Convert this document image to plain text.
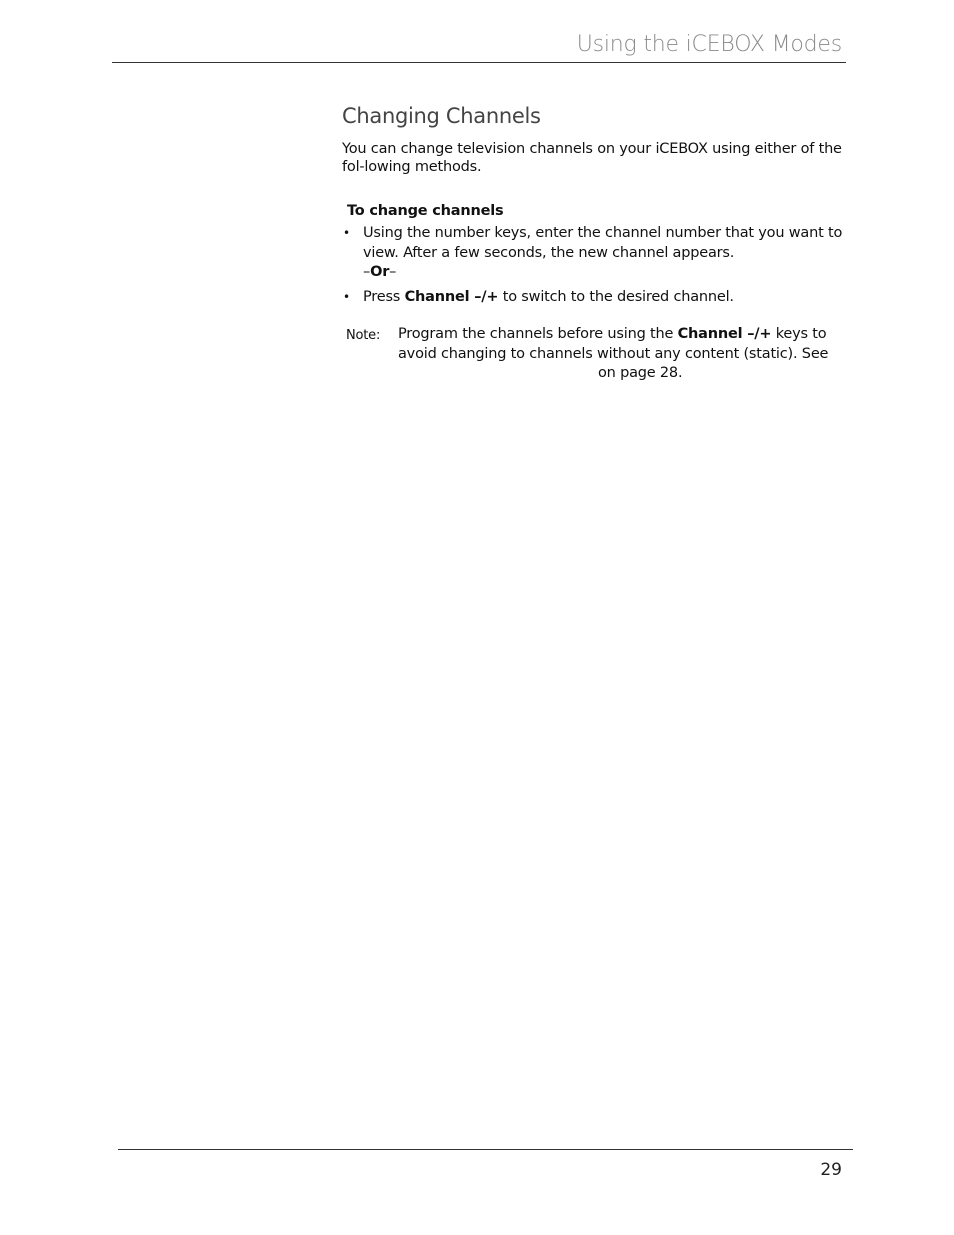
Using the iCEBOX Modes
Changing Channels

You can change television channels on your iCEBOX using either of the fol-lowing methods.

To change channels
• Using the number keys, enter the channel number that you want to view. After a few seconds, the new channel appears.
–Or–
• Press Channel –/+ to switch to the desired channel.
Note: Program the channels before using the Channel –/+ keys to avoid changing to channels without any content (static). See
on page 28.
29
